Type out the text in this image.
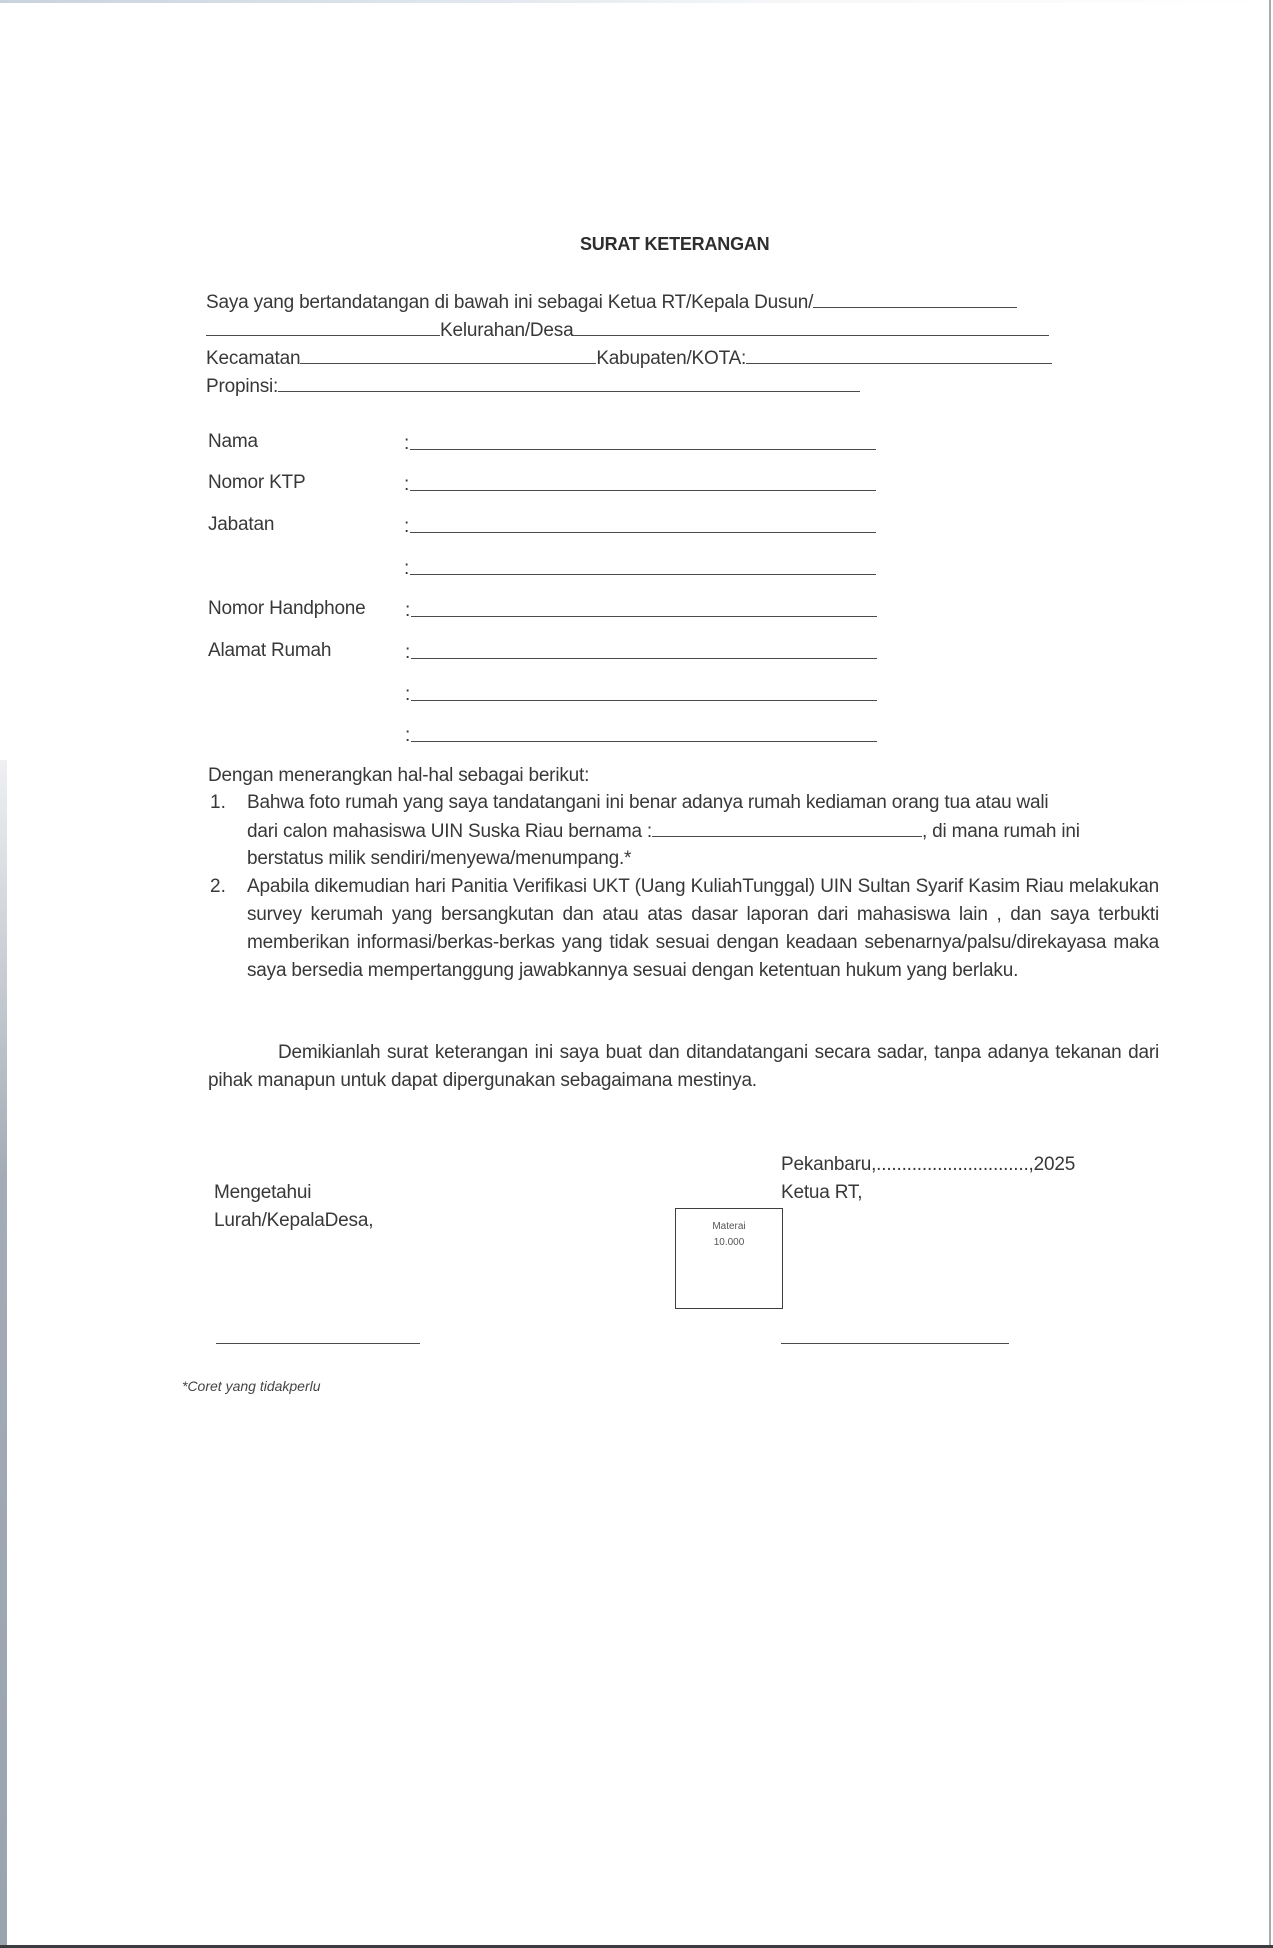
SURAT KETERANGAN
Saya yang bertandatangan di bawah ini sebagai Ketua RT/Kepala Dusun/
Kelurahan/Desa
Kecamatan	Kabupaten/KOTA:
Propinsi:
Nama	:
Nomor KTP	:
Jabatan	:
:
Nomor Handphone :
Alamat Rumah	:
:
:
Dengan menerangkan hal-hal sebagai berikut:
1. Bahwa foto rumah yang saya tandatangani ini benar adanya rumah kediaman orang tua atau wali
dari calon mahasiswa UIN Suska Riau bernama :	, di mana rumah ini
berstatus milik sendiri/menyewa/menumpang.*
2. Apabila dikemudian hari Panitia Verifikasi UKT (Uang KuliahTunggal) UIN Sultan Syarif Kasim Riau melakukan survey kerumah yang bersangkutan dan atau atas dasar laporan dari mahasiswa lain , dan saya terbukti memberikan informasi/berkas-berkas yang tidak sesuai dengan keadaan sebenarnya/palsu/direkayasa maka saya bersedia mempertanggung jawabkannya sesuai dengan ketentuan hukum yang berlaku.
Demikianlah surat keterangan ini saya buat dan ditandatangani secara sadar, tanpa adanya tekanan dari pihak manapun untuk dapat dipergunakan sebagaimana mestinya.
Pekanbaru,..............................,2025
Ketua RT,
Mengetahui
Lurah/KepalaDesa,	Materai
10.000
*Coret yang tidakperlu
